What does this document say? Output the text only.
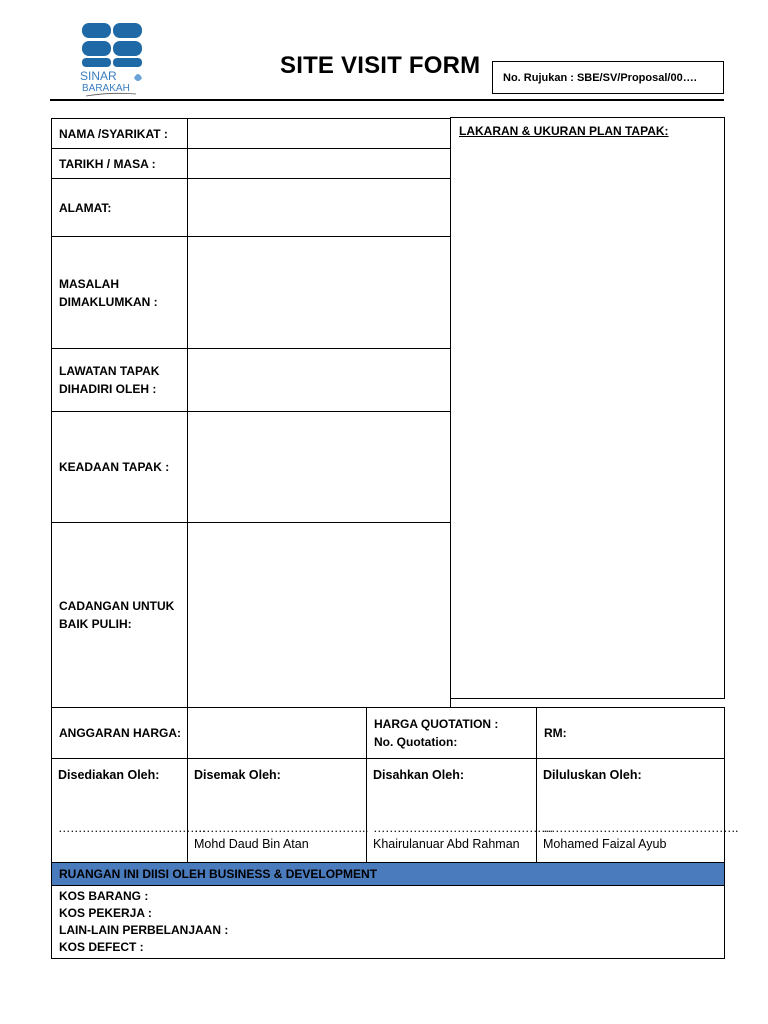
SINAR
BARAKAH
SITE VISIT FORM	No. Rujukan : SBE/SV/Proposal/00….
NAMA /SYARIKAT :
TARIKH / MASA :
ALAMAT:
MASALAH
DIMAKLUMKAN :
LAWATAN TAPAK
DIHADIRI OLEH :
KEADAAN TAPAK :
CADANGAN UNTUK
BAIK PULIH:
LAKARAN & UKURAN PLAN TAPAK:
ANGGARAN HARGA:
HARGA QUOTATION :
No. Quotation:
RM:
Disediakan Oleh:
……………………………….
Disemak Oleh:
……………………………………..
Mohd Daud Bin Atan
Disahkan Oleh:
………………………………………
Khairulanuar Abd Rahman
Diluluskan Oleh:
………………………………………….
Mohamed Faizal Ayub
RUANGAN INI DIISI OLEH BUSINESS & DEVELOPMENT
KOS BARANG :
KOS PEKERJA :
LAIN-LAIN PERBELANJAAN :
KOS DEFECT :
